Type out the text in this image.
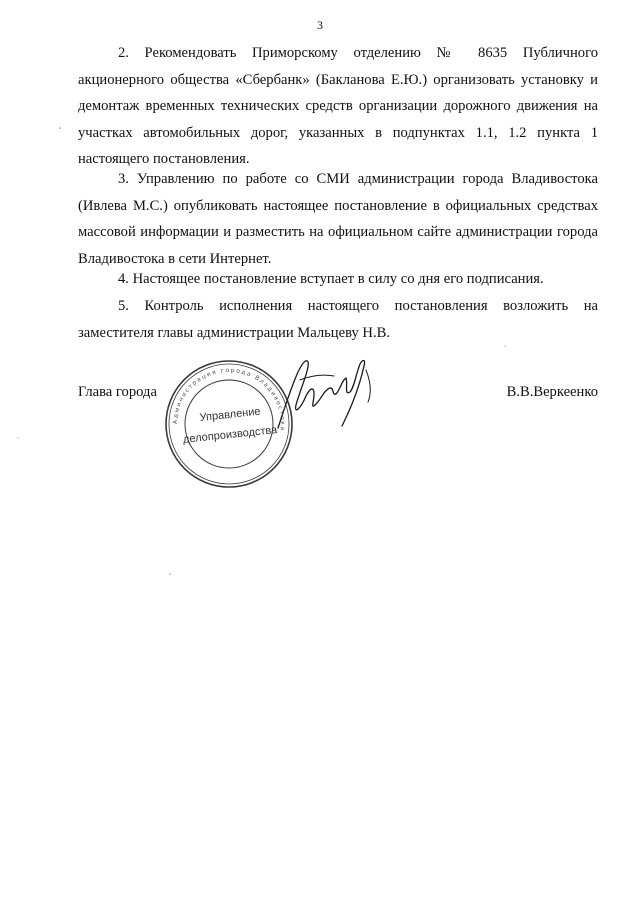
3

2. Рекомендовать Приморскому отделению № 8635 Публичного акционерного общества «Сбербанк» (Бакланова Е.Ю.) организовать установку и демонтаж временных технических средств организации дорожного движения на участках автомобильных дорог, указанных в подпунктах 1.1, 1.2 пункта 1 настоящего постановления.

3. Управлению по работе со СМИ администрации города Владивостока (Ивлева М.С.) опубликовать настоящее постановление в официальных средствах массовой информации и разместить на официальном сайте администрации города Владивостока в сети Интернет.

4. Настоящее постановление вступает в силу со дня его подписания.

5. Контроль исполнения настоящего постановления возложить на заместителя главы администрации Мальцеву Н.В.

Глава города	В.В.Веркеенко
Администрация города Владивостока
Управление
делопроизводства
